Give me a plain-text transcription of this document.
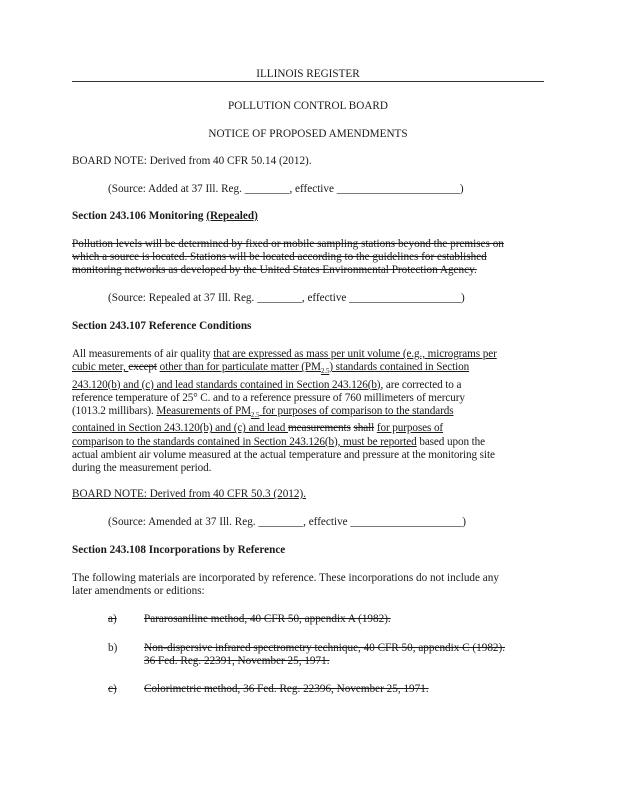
ILLINOIS REGISTER
POLLUTION CONTROL BOARD
NOTICE OF PROPOSED AMENDMENTS
BOARD NOTE: Derived from 40 CFR 50.14 (2012).
(Source: Added at 37 Ill. Reg. ________, effective ______________________)
Section 243.106 Monitoring (Repealed)
Pollution levels will be determined by fixed or mobile sampling stations beyond the premises on
which a source is located. Stations will be located according to the guidelines for established
monitoring networks as developed by the United States Environmental Protection Agency.
(Source: Repealed at 37 Ill. Reg. ________, effective ____________________)
Section 243.107 Reference Conditions
All measurements of air quality that are expressed as mass per unit volume (e.g., micrograms per
cubic meter, except other than for particulate matter $(PM_{2.5})$ standards contained in Section
243.120(b) and (c) and lead standards contained in Section 243.126(b), are corrected to a
reference temperature of 25° C. and to a reference pressure of 760 millimeters of mercury
(1013.2 millibars). Measurements of $PM_{2.5}$ for purposes of comparison to the standards
contained in Section 243.120(b) and (c) and lead measurements shall for purposes of
comparison to the standards contained in Section 243.126(b), must be reported based upon the
actual ambient air volume measured at the actual temperature and pressure at the monitoring site
during the measurement period.
BOARD NOTE: Derived from 40 CFR 50.3 (2012).
(Source: Amended at 37 Ill. Reg. ________, effective ____________________)
Section 243.108 Incorporations by Reference
The following materials are incorporated by reference. These incorporations do not include any
later amendments or editions:
a) Pararosaniline method, 40 CFR 50, appendix A (1982).
b) Non-dispersive infrared spectrometry technique, 40 CFR 50, appendix C (1982).
36 Fed. Reg. 22391, November 25, 1971.
c) Colorimetric method, 36 Fed. Reg. 22396, November 25, 1971.
